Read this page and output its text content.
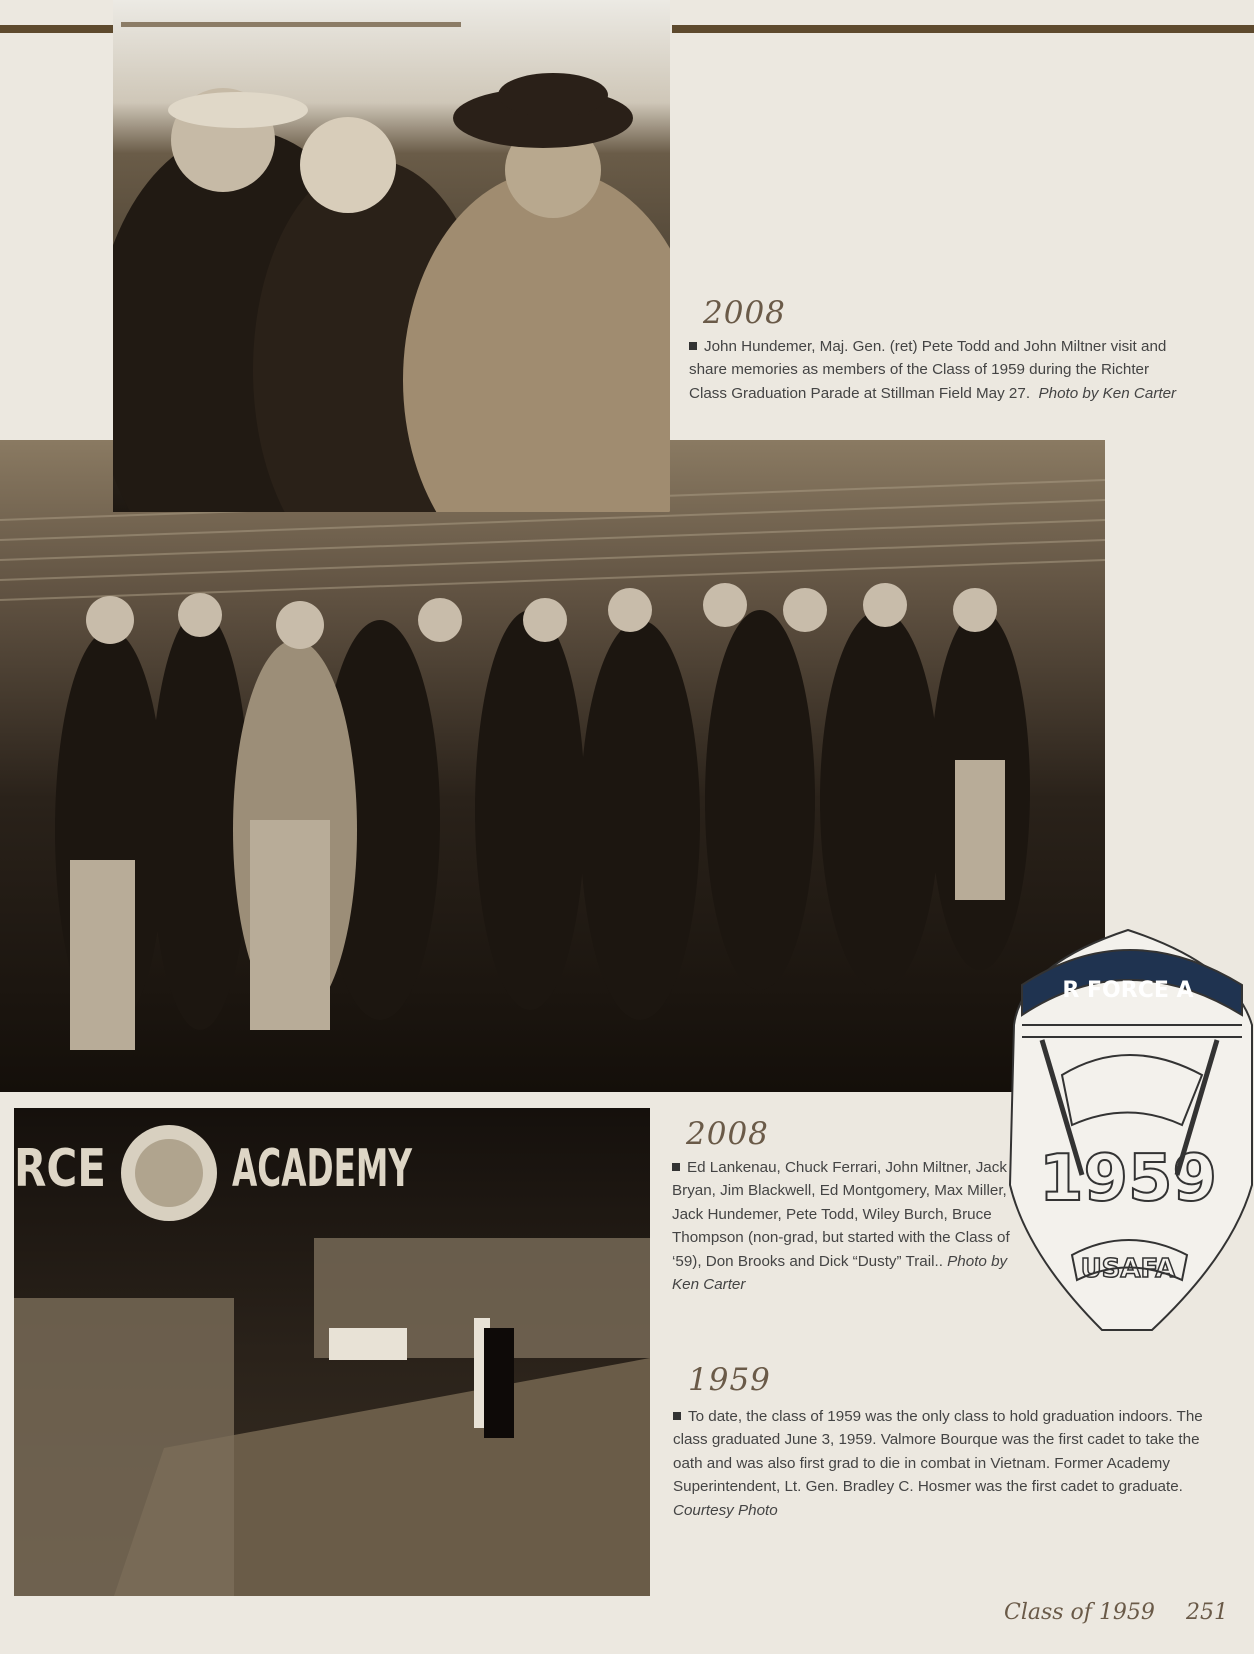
RCE ACADEMY
R FORCE A
1959
USAFA
2008
John Hundemer, Maj. Gen. (ret) Pete Todd and John Miltner visit and share memories as members of the Class of 1959 during the Richter Class Graduation Parade at Stillman Field May 27. Photo by Ken Carter
2008
Ed Lankenau, Chuck Ferrari, John Miltner, Jack Bryan, Jim Blackwell, Ed Montgomery, Max Miller, Jack Hundemer, Pete Todd, Wiley Burch, Bruce Thompson (non-grad, but started with the Class of ‘59), Don Brooks and Dick “Dusty” Trail.. Photo by Ken Carter
1959
To date, the class of 1959 was the only class to hold graduation indoors. The class graduated June 3, 1959. Valmore Bourque was the first cadet to take the oath and was also first grad to die in combat in Vietnam. Former Academy Superintendent, Lt. Gen. Bradley C. Hosmer was the first cadet to graduate.   Courtesy Photo
Class of 1959 251
